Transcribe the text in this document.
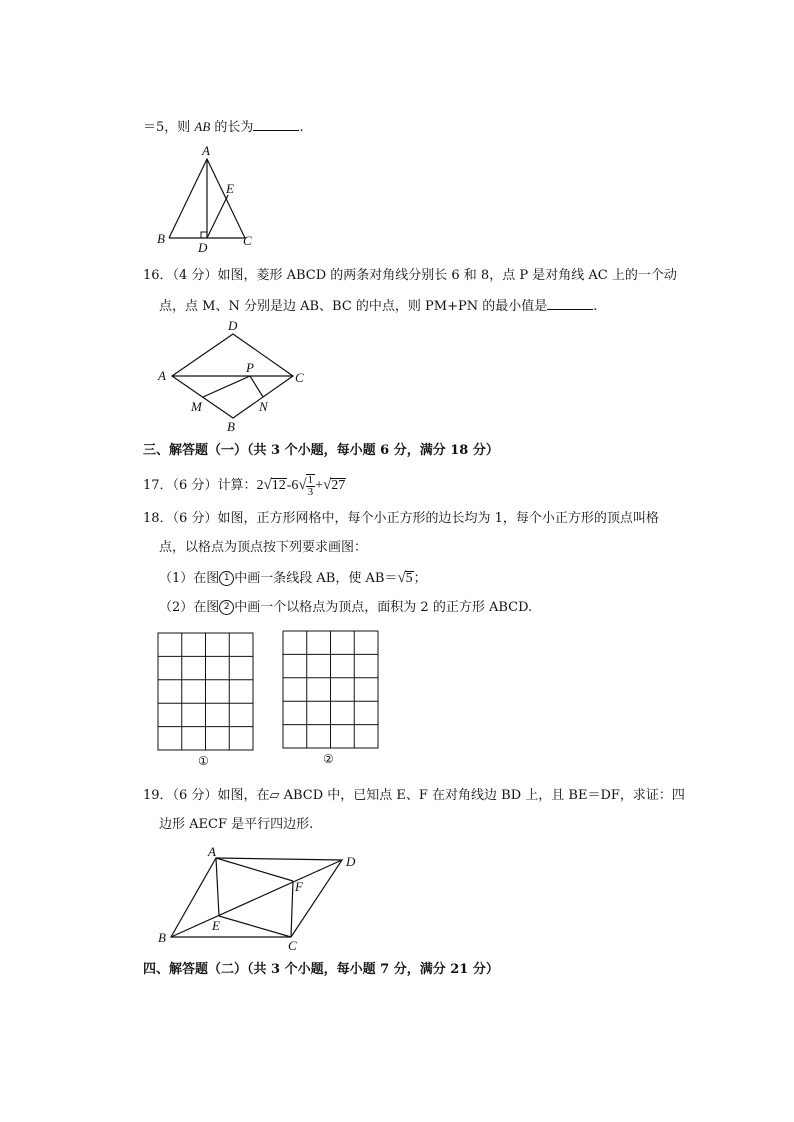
＝5，则 AB 的长为	.
A
E
B
D	C
16．（4 分）如图，菱形 ABCD 的两条对角线分别长 6 和 8，点 P 是对角线 AC 上的一个动
点，点 M、N 分别是边 AB、BC 的中点，则 PM+PN 的最小值是	.
D
A
P
C
M	N
B
三、解答题（一）（共 3 个小题，每小题 6 分，满分 18 分）
17．（6 分）计算：$2√12-6√ \frac{1}{3} +√27$
18．（6 分）如图，正方形网格中，每个小正方形的边长均为 1，每个小正方形的顶点叫格
点，以格点为顶点按下列要求画图：
（1）在图 1 中画一条线段 AB，使 AB＝√5；
（2）在图 2 中画一个以格点为顶点，面积为 2 的正方形 ABCD.
①	②
19．（6 分）如图，在▱ ABCD 中，已知点 E、F 在对角线边 BD 上，且 BE＝DF，求证：四
边形 AECF 是平行四边形.
A
D
F
E
B
C
四、解答题（二）（共 3 个小题，每小题 7 分，满分 21 分）
